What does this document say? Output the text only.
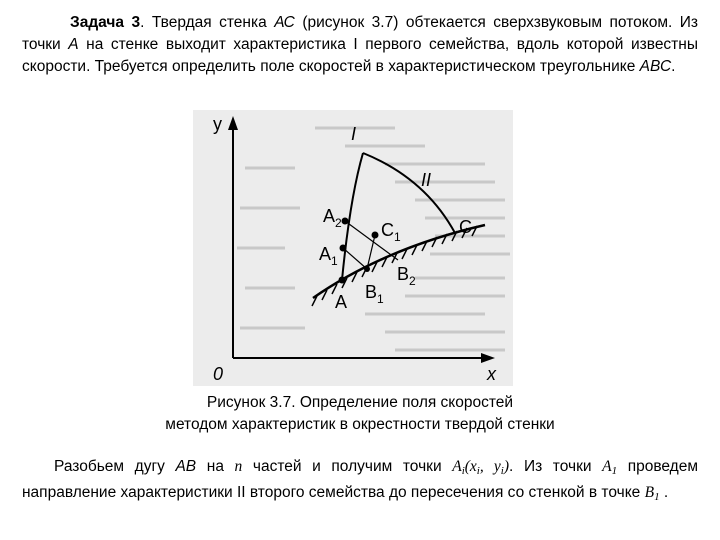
Задача 3. Твердая стенка АС (рисунок 3.7) обтекается сверхзвуковым потоком. Из точки А на стенке выходит характеристика I первого семейства, вдоль которой известны скорости. Требуется определить поле скоростей в характеристическом треугольнике АВС.
y
x
0
I
II
C
$C_1$
A
$A_1$
$A_2$
$B_1$
$B_2$
Рисунок 3.7. Определение поля скоростей
методом характеристик в окрестности твердой стенки
Разобьем дугу АВ на n частей и получим точки $A_i(x_i$, $y_i$). Из точки $A_1$ проведем направление характеристики II второго семейства до пересечения со стенкой в точке $B_1$ .
